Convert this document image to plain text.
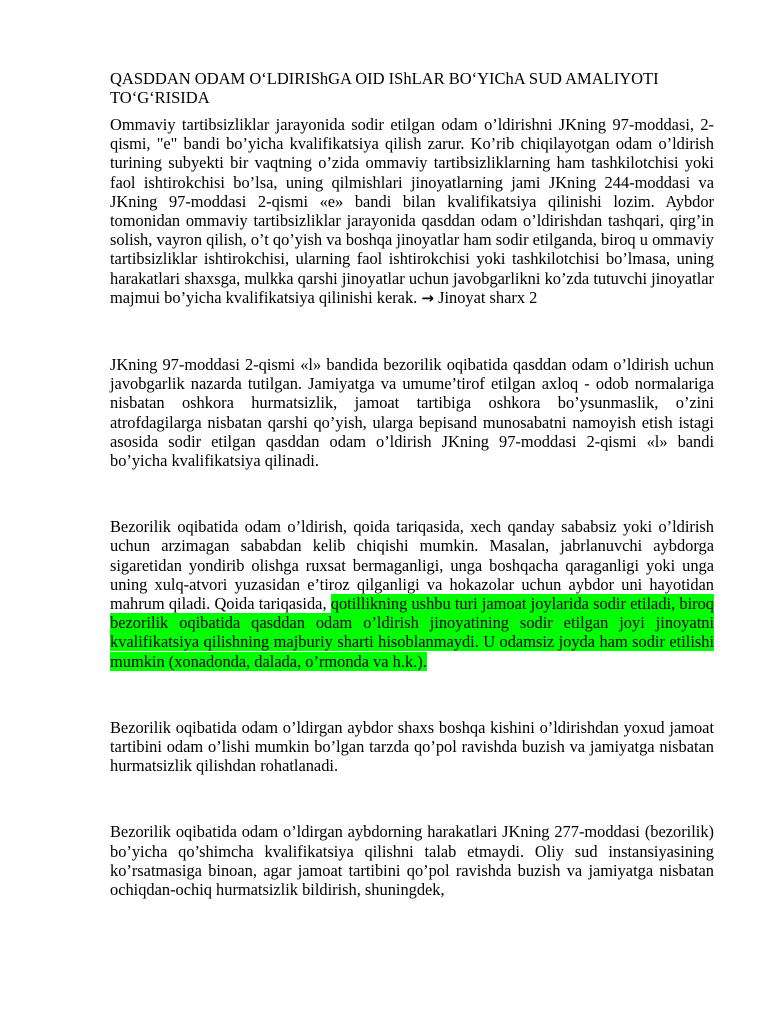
QASDDAN ODAM O‘LDIRIShGA OID IShLAR BO‘YIChA SUD AMALIYOTI TO‘G‘RISIDA

Ommaviy tartibsizliklar jarayonida sodir etilgan odam o’ldirishni JKning 97-moddasi, 2-qismi, "e" bandi bo’yicha kvalifikatsiya qilish zarur. Ko’rib chiqilayotgan odam o’ldirish turining subyekti bir vaqtning o’zida ommaviy tartibsizliklarning ham tashkilotchisi yoki faol ishtirokchisi bo’lsa, uning qilmishlari jinoyatlarning jami JKning 244-moddasi va JKning 97-moddasi 2-qismi «e» bandi bilan kvalifikatsiya qilinishi lozim. Aybdor tomonidan ommaviy tartibsizliklar jarayonida qasddan odam o’ldirishdan tashqari, qirg’in solish, vayron qilish, o’t qo’yish va boshqa jinoyatlar ham sodir etilganda, biroq u ommaviy tartibsizliklar ishtirokchisi, ularning faol ishtirokchisi yoki tashkilotchisi bo’lmasa, uning harakatlari shaxsga, mulkka qarshi jinoyatlar uchun javobgarlikni ko’zda tutuvchi jinoyatlar majmui bo’yicha kvalifikatsiya qilinishi kerak. → Jinoyat sharx 2

JKning 97-moddasi 2-qismi «l» bandida bezorilik oqibatida qasddan odam o’ldirish uchun javobgarlik nazarda tutilgan. Jamiyatga va umume’tirof etilgan axloq - odob normalariga nisbatan oshkora hurmatsizlik, jamoat tartibiga oshkora bo’ysunmaslik, o’zini atrofdagilarga nisbatan qarshi qo’yish, ularga bepisand munosabatni namoyish etish istagi asosida sodir etilgan qasddan odam o’ldirish JKning 97-moddasi 2-qismi «l» bandi bo’yicha kvalifikatsiya qilinadi.

Bezorilik oqibatida odam o’ldirish, qoida tariqasida, xech qanday sababsiz yoki o’ldirish uchun arzimagan sababdan kelib chiqishi mumkin. Masalan, jabrlanuvchi aybdorga sigaretidan yondirib olishga ruxsat bermaganligi, unga boshqacha qaraganligi yoki unga uning xulq-atvori yuzasidan e’tiroz qilganligi va hokazolar uchun aybdor uni hayotidan mahrum qiladi. Qoida tariqasida, qotillikning ushbu turi jamoat joylarida sodir etiladi, biroq bezorilik oqibatida qasddan odam o’ldirish jinoyatining sodir etilgan joyi jinoyatni kvalifikatsiya qilishning majburiy sharti hisoblanmaydi. U odamsiz joyda ham sodir etilishi mumkin (xonadonda, dalada, o’rmonda va h.k.).

Bezorilik oqibatida odam o’ldirgan aybdor shaxs boshqa kishini o’ldirishdan yoxud jamoat tartibini odam o’lishi mumkin bo’lgan tarzda qo’pol ravishda buzish va jamiyatga nisbatan hurmatsizlik qilishdan rohatlanadi.

Bezorilik oqibatida odam o’ldirgan aybdorning harakatlari JKning 277-moddasi (bezorilik) bo’yicha qo’shimcha kvalifikatsiya qilishni talab etmaydi. Oliy sud instansiyasining ko’rsatmasiga binoan, agar jamoat tartibini qo’pol ravishda buzish va jamiyatga nisbatan ochiqdan-ochiq hurmatsizlik bildirish, shuningdek,
